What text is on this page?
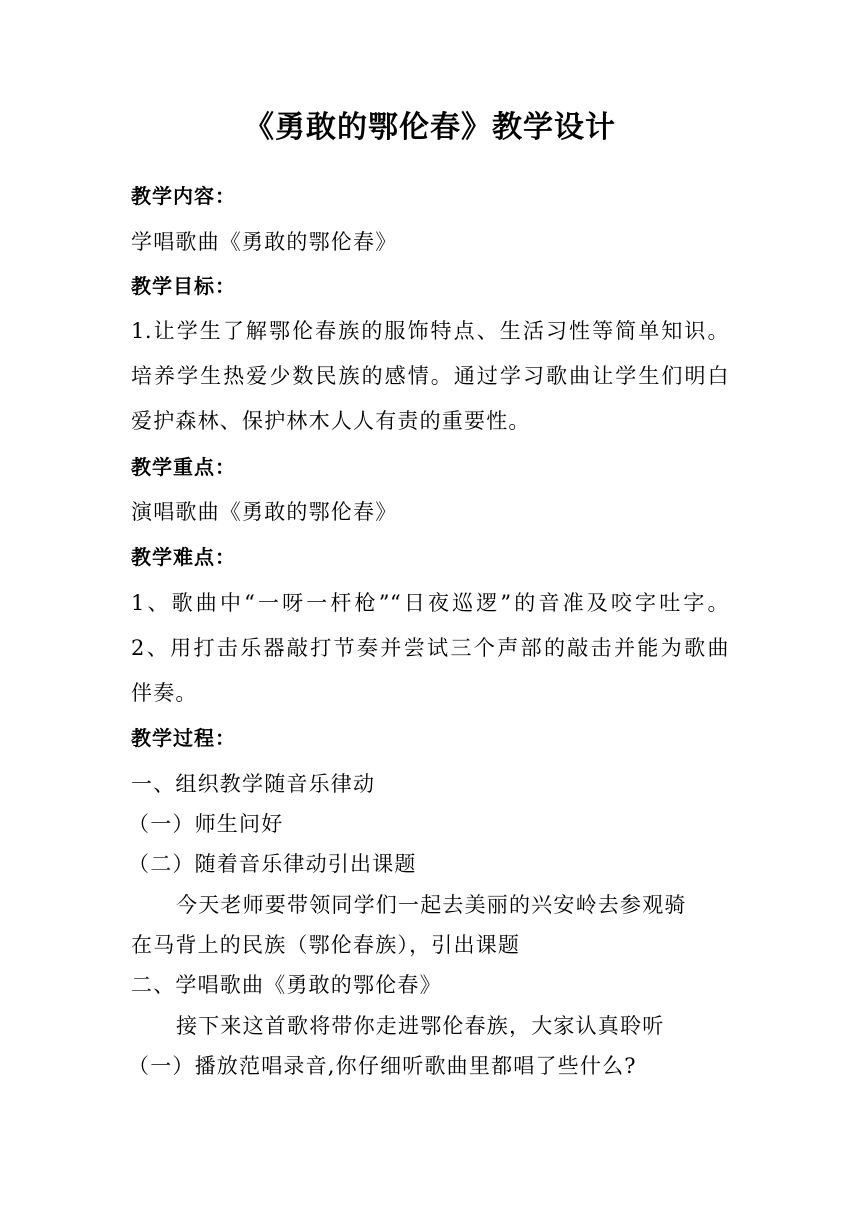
《勇敢的鄂伦春》教学设计
教学内容：
学唱歌曲《勇敢的鄂伦春》
教学目标：
1.让学生了解鄂伦春族的服饰特点、生活习性等简单知识。
培养学生热爱少数民族的感情。通过学习歌曲让学生们明白
爱护森林、保护林木人人有责的重要性。
教学重点：
演唱歌曲《勇敢的鄂伦春》
教学难点：
1、歌曲中“一呀一杆枪”“日夜巡逻”的音准及咬字吐字。
2、用打击乐器敲打节奏并尝试三个声部的敲击并能为歌曲
伴奏。
教学过程：
一、组织教学随音乐律动
（一）师生问好
（二）随着音乐律动引出课题
今天老师要带领同学们一起去美丽的兴安岭去参观骑
在马背上的民族（鄂伦春族），引出课题
二、学唱歌曲《勇敢的鄂伦春》
接下来这首歌将带你走进鄂伦春族，大家认真聆听
（一）播放范唱录音,你仔细听歌曲里都唱了些什么?
